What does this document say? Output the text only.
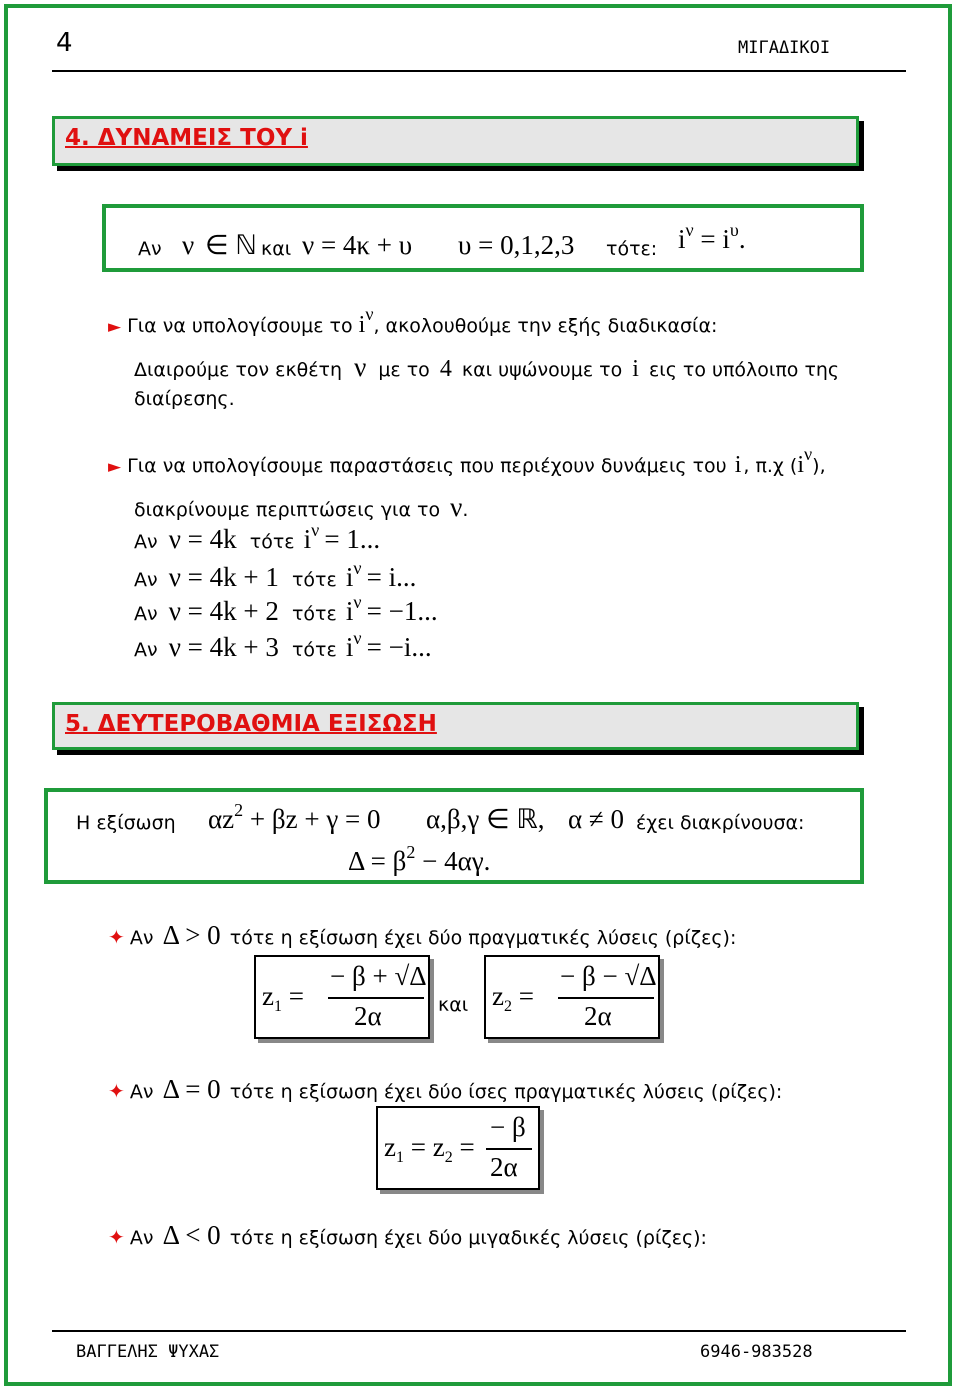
4	ΜΙΓΑΔΙΚΟΙ
4. ΔΥΝΑΜΕΙΣ ΤΟΥ i
Αν ν ∈ ℕ και ν = 4κ + υ υ = 0,1,2,3 τότε: $i^\nu = i^\upsilon$.
► Για να υπολογίσουμε το iν, ακολουθούμε την εξής διαδικασία:
Διαιρούμε τον εκθέτη ν με το 4 και υψώνουμε το i εις το υπόλοιπο της
διαίρεσης.
► Για να υπολογίσουμε παραστάσεις που περιέχουν δυνάμεις του i , π.χ (iν),
διακρίνουμε περιπτώσεις για το ν.
Αν ν = 4k τότε iν = 1...
Αν ν = 4k + 1 τότε iν = i...
Αν ν = 4k + 2 τότε iν = −1...
Αν ν = 4k + 3 τότε iν = −i...
5. ΔΕΥΤΕΡΟΒΑΘΜΙΑ ΕΞΙΣΩΣΗ
Η εξίσωση $\alpha z^2 + \beta z + \gamma = 0$ α,β,γ ∈ ℝ, α ≠ 0 έχει διακρίνουσα:
$\Delta = \beta^2 - 4\alpha\gamma$.
✦ Αν Δ > 0 τότε η εξίσωση έχει δύο πραγματικές λύσεις (ρίζες):
$z_1$ =
− β + √Δ
2α	και $z_2$ =
− β − √Δ
2α
✦ Αν Δ = 0 τότε η εξίσωση έχει δύο ίσες πραγματικές λύσεις (ρίζες):
$z_1 = z_2$ =
− β
2α
✦ Αν Δ < 0 τότε η εξίσωση έχει δύο μιγαδικές λύσεις (ρίζες):
ΒΑΓΓΕΛΗΣ ΨΥΧΑΣ	6946-983528
